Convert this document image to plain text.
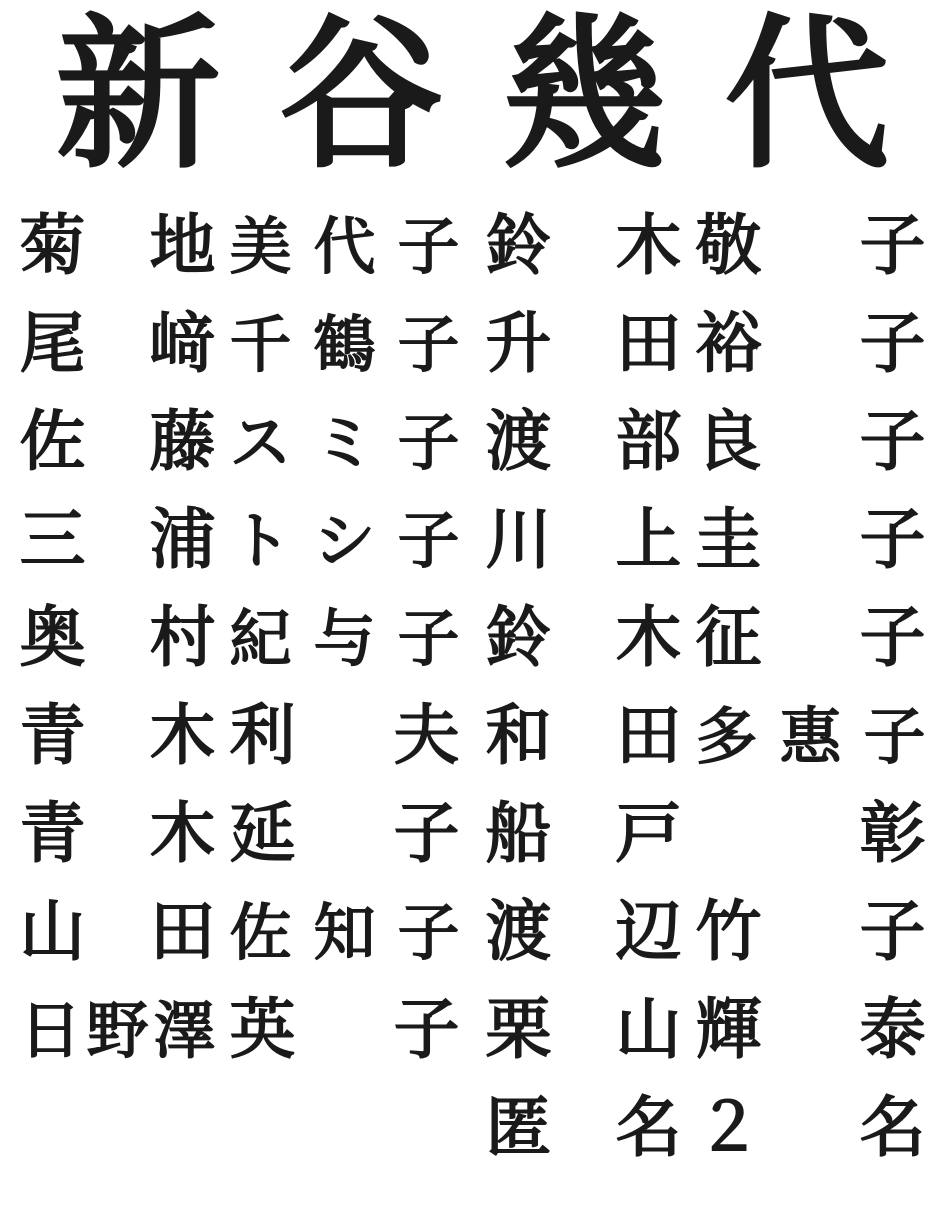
新 谷 幾 代
菊 地 美 代 子
尾 﨑 千 鶴 子
佐 藤 ス ミ 子
三 浦 ト シ 子
奥 村 紀 与 子
青 木 利 夫
青 木 延 子
山 田 佐 知 子
日 野 澤 英 子
鈴 木 敬 子
升 田 裕 子
渡 部 良 子
川 上 圭 子
鈴 木 征 子
和 田 多 惠 子
船 戸	彰
渡 辺 竹 子
栗 山 輝 泰
匿 名 ２ 名
